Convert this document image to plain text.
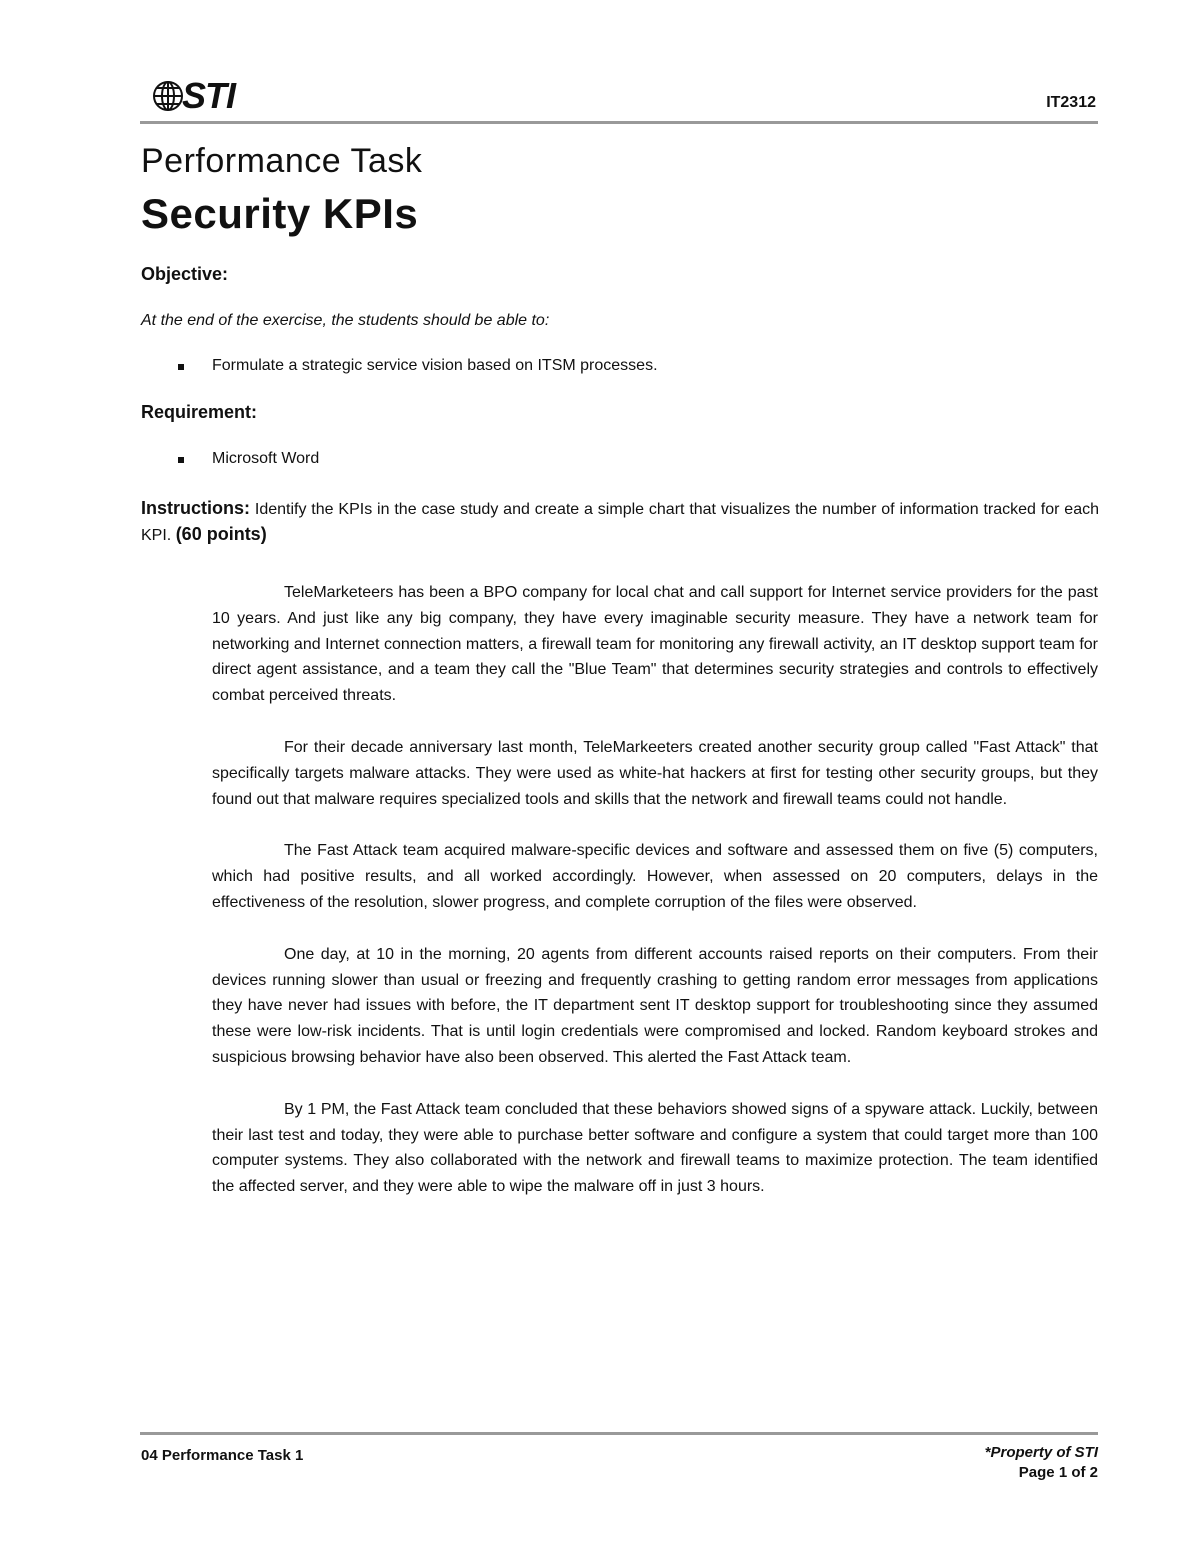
STI	IT2312
Performance Task
Security KPIs
Objective:
At the end of the exercise, the students should be able to:
Formulate a strategic service vision based on ITSM processes.
Requirement:
Microsoft Word
Instructions: Identify the KPIs in the case study and create a simple chart that visualizes the number of information tracked for each KPI. (60 points)

TeleMarketeers has been a BPO company for local chat and call support for Internet service providers for the past 10 years. And just like any big company, they have every imaginable security measure. They have a network team for networking and Internet connection matters, a firewall team for monitoring any firewall activity, an IT desktop support team for direct agent assistance, and a team they call the "Blue Team" that determines security strategies and controls to effectively combat perceived threats.

For their decade anniversary last month, TeleMarkeeters created another security group called "Fast Attack" that specifically targets malware attacks. They were used as white-hat hackers at first for testing other security groups, but they found out that malware requires specialized tools and skills that the network and firewall teams could not handle.

The Fast Attack team acquired malware-specific devices and software and assessed them on five (5) computers, which had positive results, and all worked accordingly. However, when assessed on 20 computers, delays in the effectiveness of the resolution, slower progress, and complete corruption of the files were observed.

One day, at 10 in the morning, 20 agents from different accounts raised reports on their computers. From their devices running slower than usual or freezing and frequently crashing to getting random error messages from applications they have never had issues with before, the IT department sent IT desktop support for troubleshooting since they assumed these were low-risk incidents. That is until login credentials were compromised and locked. Random keyboard strokes and suspicious browsing behavior have also been observed. This alerted the Fast Attack team.

By 1 PM, the Fast Attack team concluded that these behaviors showed signs of a spyware attack. Luckily, between their last test and today, they were able to purchase better software and configure a system that could target more than 100 computer systems. They also collaborated with the network and firewall teams to maximize protection. The team identified the affected server, and they were able to wipe the malware off in just 3 hours.

04 Performance Task 1	*Property of STI
Page 1 of 2
